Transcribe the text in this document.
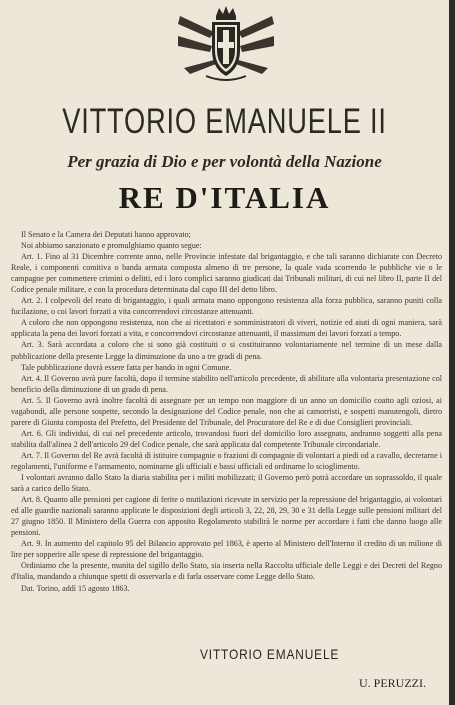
VITTORIO EMANUELE II
Per grazia di Dio e per volontà della Nazione
RE D'ITALIA

Il Senato e la Camera dei Deputati hanno approvato;

Noi abbiamo sanzionato e promulghiamo quanto segue:

Art. 1. Fino al 31 Dicembre corrente anno, nelle Provincie infestate dal brigantaggio, e che tali saranno dichiarate con Decreto Reale, i componenti comitiva o banda armata composta almeno di tre persone, la quale vada scorrendo le pubbliche vie o le campagne per commettere crimini o delitti, ed i loro complici saranno giudicati dai Tribunali militari, di cui nel libro II, parte II del Codice penale militare, e con la procedura determinata dal capo III del detto libro.

Art. 2. I colpevoli del reato di brigantaggio, i quali armata mano oppongono resistenza alla forza pubblica, saranno puniti colla fucilazione, o coi lavori forzati a vita concorrendovi circostanze attenuanti.

A coloro che non oppongono resistenza, non che ai ricettatori e somministratori di viveri, notizie ed aiuti di ogni maniera, sarà applicata la pena dei lavori forzati a vita, e concorrendovi circostanze attenuanti, il massimum dei lavori forzati a tempo.

Art. 3. Sarà accordata a coloro che si sono già costituiti o si costituiranno volontariamente nel termine di un mese dalla pubblicazione della presente Legge la diminuzione da uno a tre gradi di pena.

Tale pubblicazione dovrà essere fatta per bando in ogni Comune.

Art. 4. Il Governo avrà pure facoltà, dopo il termine stabilito nell'articolo precedente, di abilitare alla volontaria presentazione col beneficio della diminuzione di un grado di pena.

Art. 5. Il Governo avrà inoltre facoltà di assegnare per un tempo non maggiore di un anno un domicilio coatto agli oziosi, ai vagabondi, alle persone sospette, secondo la designazione del Codice penale, non che ai camorristi, e sospetti manutengoli, dietro parere di Giunta composta del Prefetto, del Presidente del Tribunale, del Procuratore del Re e di due Consiglieri provinciali.

Art. 6. Gli individui, di cui nel precedente articolo, trovandosi fuori del domicilio loro assegnato, andranno soggetti alla pena stabilita dall'alinea 2 dell'articolo 29 del Codice penale, che sarà applicata dal competente Tribunale circondariale.

Art. 7. Il Governo del Re avrà facoltà di istituire compagnie o frazioni di compagnie di volontari a piedi od a cavallo, decretarne i regolamenti, l'uniforme e l'armamento, nominarne gli ufficiali e bassi ufficiali ed ordinarne lo scioglimento.

I volontari avranno dallo Stato la diaria stabilita per i militi mobilizzati; il Governo però potrà accordare un soprassoldo, il quale sarà a carico dello Stato.

Art. 8. Quanto alle pensioni per cagione di ferite o mutilazioni ricevute in servizio per la repressione del brigantaggio, ai volontari ed alle guardie nazionali saranno applicate le disposizioni degli articoli 3, 22, 28, 29, 30 e 31 della Legge sulle pensioni militari del 27 giugno 1850. Il Ministero della Guerra con apposito Regolamento stabilirà le norme per accordare i fatti che danno luogo alle pensioni.

Art. 9. In aumento del capitolo 95 del Bilancio approvato pel 1863, è aperto al Ministero dell'Interno il credito di un milione di lire per sopperire alle spese di repressione del brigantaggio.

Ordiniamo che la presente, munita del sigillo dello Stato, sia inserta nella Raccolta ufficiale delle Leggi e dei Decreti del Regno d'Italia, mandando a chiunque spetti di osservarla e di farla osservare come Legge dello Stato.

Dat. Torino, addì 15 agosto 1863.

VITTORIO EMANUELE
U. PERUZZI.
